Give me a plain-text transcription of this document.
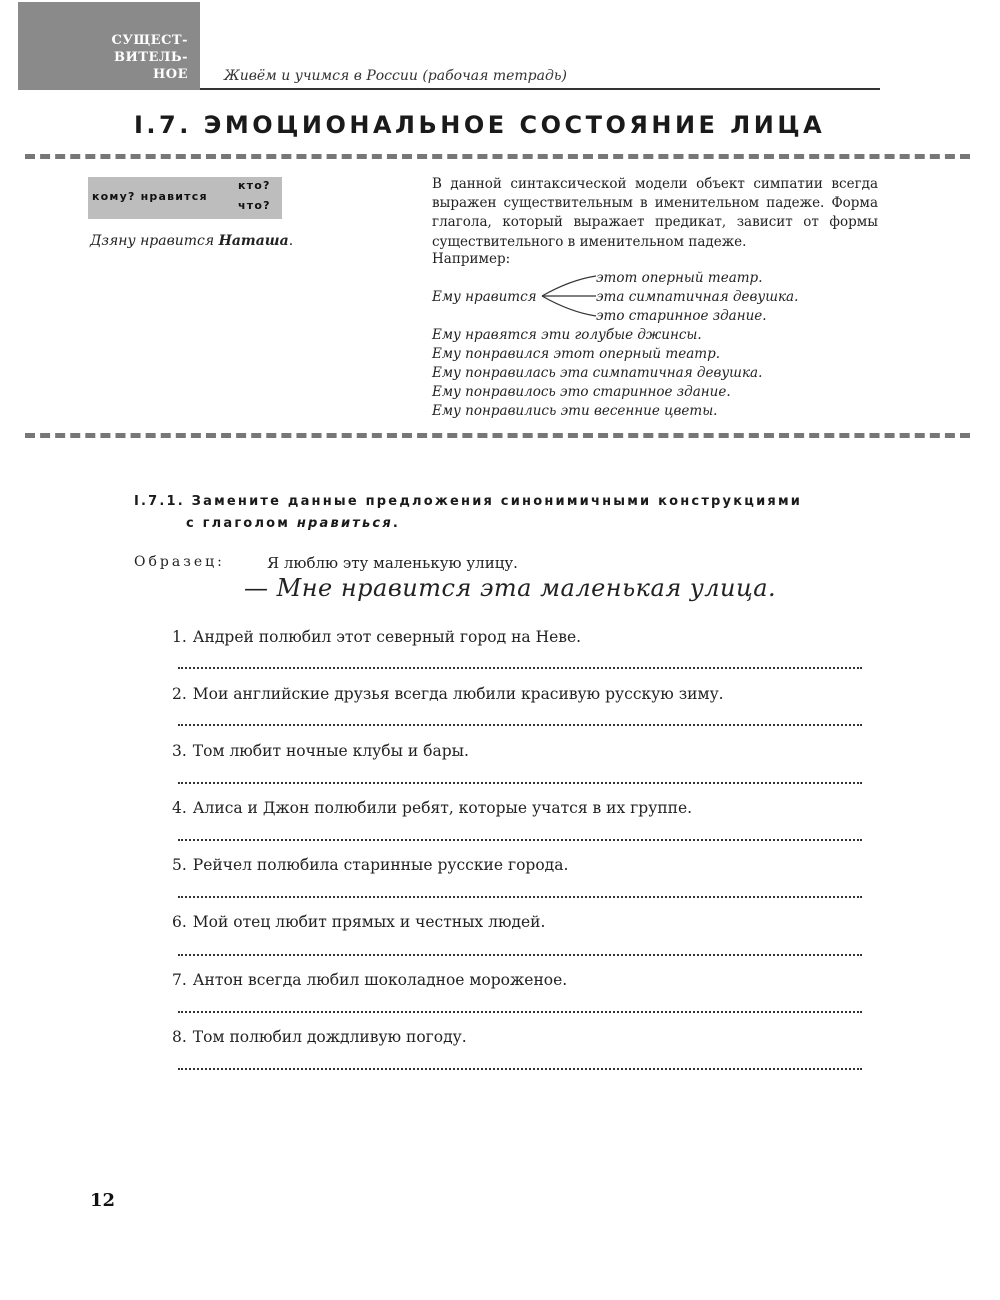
СУЩЕСТ-
ВИТЕЛЬ-
НОЕ	Живём и учимся в России (рабочая тетрадь)
I.7. ЭМОЦИОНАЛЬНОЕ СОСТОЯНИЕ ЛИЦА
кому? нравится
кто?
что?
Дзяну нравится Наташа.
В данной синтаксической модели объект симпатии всегда выражен существительным в именительном падеже. Форма глагола, который выражает предикат, зависит от формы существительного в именительном падеже.
Например:
Ему нравится
этот оперный театр.
эта симпатичная девушка.
это старинное здание.
Ему нравятся эти голубые джинсы.
Ему понравился этот оперный театр.
Ему понравилась эта симпатичная девушка.
Ему понравилось это старинное здание.
Ему понравились эти весенние цветы.
I.7.1. Замените данные предложения синонимичными конструкциями
с глаголом нравиться.
Образец:	Я люблю эту маленькую улицу.
— Мне нравится эта маленькая улица.
1. Андрей полюбил этот северный город на Неве.
2. Мои английские друзья всегда любили красивую русскую зиму.
3. Том любит ночные клубы и бары.
4. Алиса и Джон полюбили ребят, которые учатся в их группе.
5. Рейчел полюбила старинные русские города.
6. Мой отец любит прямых и честных людей.
7. Антон всегда любил шоколадное мороженое.
8. Том полюбил дождливую погоду.
12
